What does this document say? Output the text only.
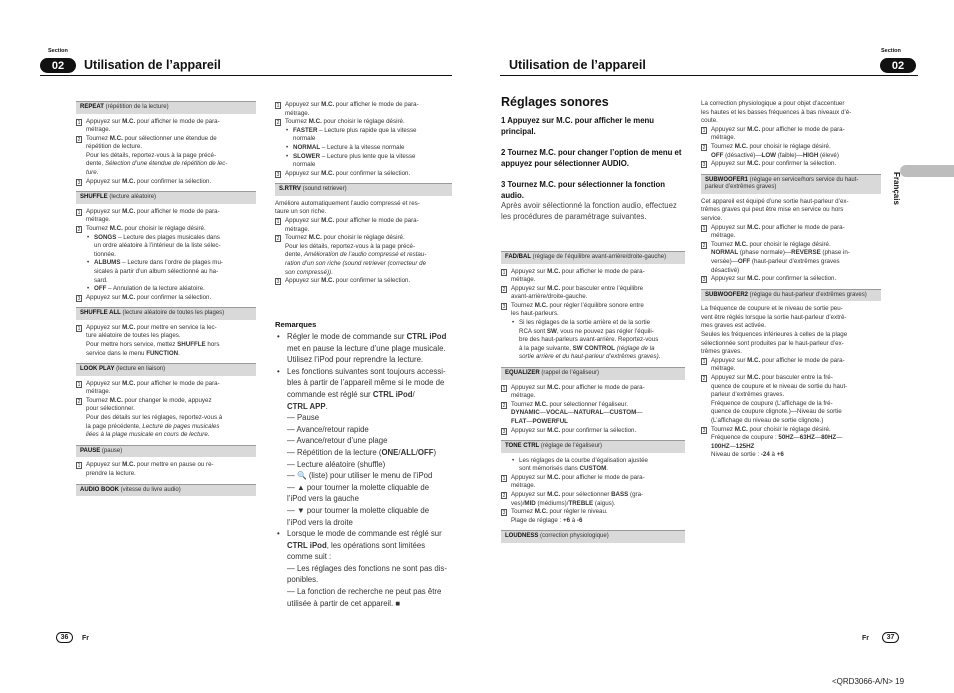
Section
02	Utilisation de l’appareil
Section
02
Utilisation de l’appareil
REPEAT (répétition de la lecture)
1 Appuyez sur M.C. pour afficher le mode de para-
métrage.
2 Tournez M.C. pour sélectionner une étendue de
répétition de lecture.
Pour les détails, reportez-vous à la page précé-
dente, Sélection d’une étendue de répétition de lec-
ture.
3 Appuyez sur M.C. pour confirmer la sélection.
SHUFFLE (lecture aléatoire)
1 Appuyez sur M.C. pour afficher le mode de para-
métrage.
2 Tournez M.C. pour choisir le réglage désiré.
• SONGS – Lecture des plages musicales dans
un ordre aléatoire à l’intérieur de la liste sélec-
tionnée.
• ALBUMS – Lecture dans l’ordre de plages mu-
sicales à partir d’un album sélectionné au ha-
sard.
• OFF – Annulation de la lecture aléatoire.
3 Appuyez sur M.C. pour confirmer la sélection.
SHUFFLE ALL (lecture aléatoire de toutes les plages)
1 Appuyez sur M.C. pour mettre en service la lec-
ture aléatoire de toutes les plages.
Pour mettre hors service, mettez SHUFFLE hors
service dans le menu FUNCTION.
LOOK PLAY (lecture en liaison)
1 Appuyez sur M.C. pour afficher le mode de para-
métrage.
2 Tournez M.C. pour changer le mode, appuyez
pour sélectionner.
Pour des détails sur les réglages, reportez-vous à
la page précédente, Lecture de pages musicales
liées à la plage musicale en cours de lecture.
PAUSE (pause)
1 Appuyez sur M.C. pour mettre en pause ou re-
prendre la lecture.
AUDIO BOOK (vitesse du livre audio)
1 Appuyez sur M.C. pour afficher le mode de para-
métrage.
2 Tournez M.C. pour choisir le réglage désiré.
• FASTER – Lecture plus rapide que la vitesse
normale
• NORMAL – Lecture à la vitesse normale
• SLOWER – Lecture plus lente que la vitesse
normale
3 Appuyez sur M.C. pour confirmer la sélection.
S.RTRV (sound retriever)
Améliore automatiquement l’audio compressé et res-
taure un son riche.
1 Appuyez sur M.C. pour afficher le mode de para-
métrage.
2 Tournez M.C. pour choisir le réglage désiré.
Pour les détails, reportez-vous à la page précé-
dente, Amélioration de l’audio compressé et restau-
ration d’un son riche (sound retriever (correcteur de
son compressé)).
3 Appuyez sur M.C. pour confirmer la sélection.
Remarques
• Régler le mode de commande sur CTRL iPod
met en pause la lecture d’une plage musicale.
Utilisez l’iPod pour reprendre la lecture.
• Les fonctions suivantes sont toujours accessi-
bles à partir de l’appareil même si le mode de
commande est réglé sur CTRL iPod/
CTRL APP.
— Pause
— Avance/retour rapide
— Avance/retour d’une plage
— Répétition de la lecture (ONE/ALL/OFF)
— Lecture aléatoire (shuffle)
— 🔍 (liste) pour utiliser le menu de l’iPod
— ▲ pour tourner la molette cliquable de
l’iPod vers la gauche
— ▼ pour tourner la molette cliquable de
l’iPod vers la droite
• Lorsque le mode de commande est réglé sur
CTRL iPod, les opérations sont limitées
comme suit :
— Les réglages des fonctions ne sont pas dis-
ponibles.
— La fonction de recherche ne peut pas être
utilisée à partir de cet appareil. ■
Réglages sonores
1 Appuyez sur M.C. pour afficher le menu principal.
2 Tournez M.C. pour changer l’option de menu et appuyez pour sélectionner AUDIO.
3 Tournez M.C. pour sélectionner la fonction audio.
Après avoir sélectionné la fonction audio, effectuez les procédures de paramétrage suivantes.
FAD/BAL (réglage de l’équilibre avant-arrière/droite-gauche)
1 Appuyez sur M.C. pour afficher le mode de para-
métrage.
2 Appuyez sur M.C. pour basculer entre l’équilibre
avant-arrière/droite-gauche.
3 Tournez M.C. pour régler l’équilibre sonore entre
les haut-parleurs.
• Si les réglages de la sortie arrière et de la sortie
RCA sont SW, vous ne pouvez pas régler l’équili-
bre des haut-parleurs avant-arrière. Reportez-vous
à la page suivante, SW CONTROL (réglage de la
sortie arrière et du haut-parleur d’extrêmes graves).
EQUALIZER (rappel de l’égaliseur)
1 Appuyez sur M.C. pour afficher le mode de para-
métrage.
2 Tournez M.C. pour sélectionner l’égaliseur.
DYNAMIC—VOCAL—NATURAL—CUSTOM—
FLAT—POWERFUL
3 Appuyez sur M.C. pour confirmer la sélection.
TONE CTRL (réglage de l’égaliseur)
• Les réglages de la courbe d’égalisation ajustée
sont mémorisés dans CUSTOM.
1 Appuyez sur M.C. pour afficher le mode de para-
métrage.
2 Appuyez sur M.C. pour sélectionner BASS (gra-
ves)/MID (médiums)/TREBLE (aigus).
3 Tournez M.C. pour régler le niveau.
Plage de réglage : +6 à -6
LOUDNESS (correction physiologique)
La correction physiologique a pour objet d’accentuer
les hautes et les basses fréquences à bas niveaux d’é-
coute.
1 Appuyez sur M.C. pour afficher le mode de para-
métrage.
2 Tournez M.C. pour choisir le réglage désiré.
OFF (désactivé)—LOW (faible)—HIGH (élevé)
3 Appuyez sur M.C. pour confirmer la sélection.
SUBWOOFER1 (réglage en service/hors service du haut-parleur d’extrêmes graves)
Cet appareil est équipé d’une sortie haut-parleur d’ex-
trêmes graves qui peut être mise en service ou hors
service.
1 Appuyez sur M.C. pour afficher le mode de para-
métrage.
2 Tournez M.C. pour choisir le réglage désiré.
NORMAL (phase normale)—REVERSE (phase in-
versée)—OFF (haut-parleur d’extrêmes graves
désactivé)
3 Appuyez sur M.C. pour confirmer la sélection.
SUBWOOFER2 (réglage du haut-parleur d’extrêmes graves)
La fréquence de coupure et le niveau de sortie peu-
vent être réglés lorsque la sortie haut-parleur d’extrê-
mes graves est activée.
Seules les fréquences inférieures à celles de la plage
sélectionnée sont produites par le haut-parleur d’ex-
trêmes graves.
1 Appuyez sur M.C. pour afficher le mode de para-
métrage.
2 Appuyez sur M.C. pour basculer entre la fré-
quence de coupure et le niveau de sortie du haut-
parleur d’extrêmes graves.
Fréquence de coupure (L’affichage de la fré-
quence de coupure clignote.)—Niveau de sortie
(L’affichage du niveau de sortie clignote.)
3 Tournez M.C. pour choisir le réglage désiré.
Fréquence de coupure : 50HZ—63HZ—80HZ—
100HZ—125HZ
Niveau de sortie : -24 à +6
Français
36	Fr	Fr	37
<QRD3066-A/N> 19
